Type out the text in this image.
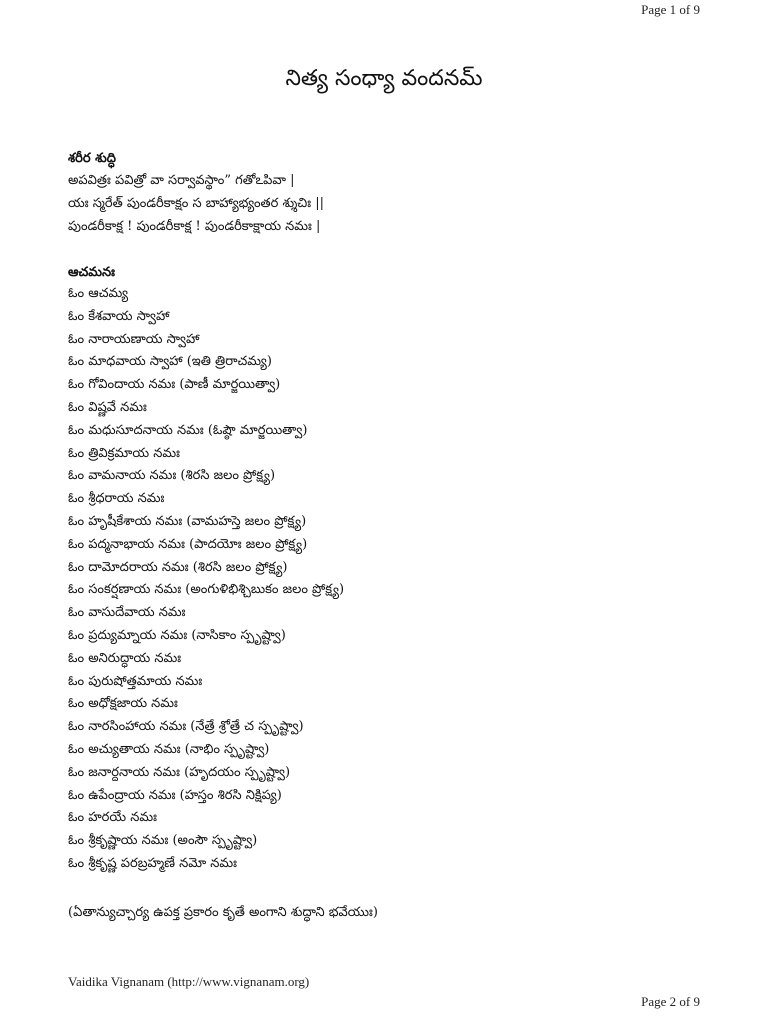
Page 1 of 9
నిత్య సంధ్యా వందనమ్

శరీర శుద్ధి

అపవిత్రః పవిత్రో వా సర్వావస్థాం” గతోఽపివా |

యః స్మరేత్ పుండరీకాక్షం స బాహ్యాభ్యంతర శ్శుచిః ||

పుండరీకాక్ష ! పుండరీకాక్ష ! పుండరీకాక్షాయ నమః |

ఆచమనః

ఓం ఆచమ్య

ఓం కేశవాయ స్వాహా

ఓం నారాయణాయ స్వాహా

ఓం మాధవాయ స్వాహా (ఇతి త్రిరాచమ్య)

ఓం గోవిందాయ నమః (పాణీ మార్జయిత్వా)

ఓం విష్ణవే నమః

ఓం మధుసూదనాయ నమః (ఓష్ఠౌ మార్జయిత్వా)

ఓం త్రివిక్రమాయ నమః

ఓం వామనాయ నమః (శిరసి జలం ప్రోక్ష్య)

ఓం శ్రీధరాయ నమః

ఓం హృషీకేశాయ నమః (వామహస్తె జలం ప్రోక్ష్య)

ఓం పద్మనాభాయ నమః (పాదయోః జలం ప్రోక్ష్య)

ఓం దామోదరాయ నమః (శిరసి జలం ప్రోక్ష్య)

ఓం సంకర్షణాయ నమః (అంగుళిభిశ్చిబుకం జలం ప్రోక్ష్య)

ఓం వాసుదేవాయ నమః

ఓం ప్రద్యుమ్నాయ నమః (నాసికాం స్పృష్ట్వా)

ఓం అనిరుద్ధాయ నమః

ఓం పురుషోత్తమాయ నమః

ఓం అధోక్షజాయ నమః

ఓం నారసింహాయ నమః (నేత్రే శ్రోత్రే చ స్పృష్ట్వా)

ఓం అచ్యుతాయ నమః (నాభిం స్పృష్ట్వా)

ఓం జనార్దనాయ నమః (హృదయం స్పృష్ట్వా)

ఓం ఉపేంద్రాయ నమః (హస్తం శిరసి నిక్షిప్య)

ఓం హరయే నమః

ఓం శ్రీకృష్ణాయ నమః (అంసౌ స్పృష్ట్వా)

ఓం శ్రీకృష్ణ పరబ్రహ్మణే నమో నమః

(ఏతాన్యుచ్చార్య ఉపక్త ప్రకారం కృతే అంగాని శుద్ధాని భవేయుః)

Vaidika Vignanam (http://www.vignanam.org)
Page 2 of 9
